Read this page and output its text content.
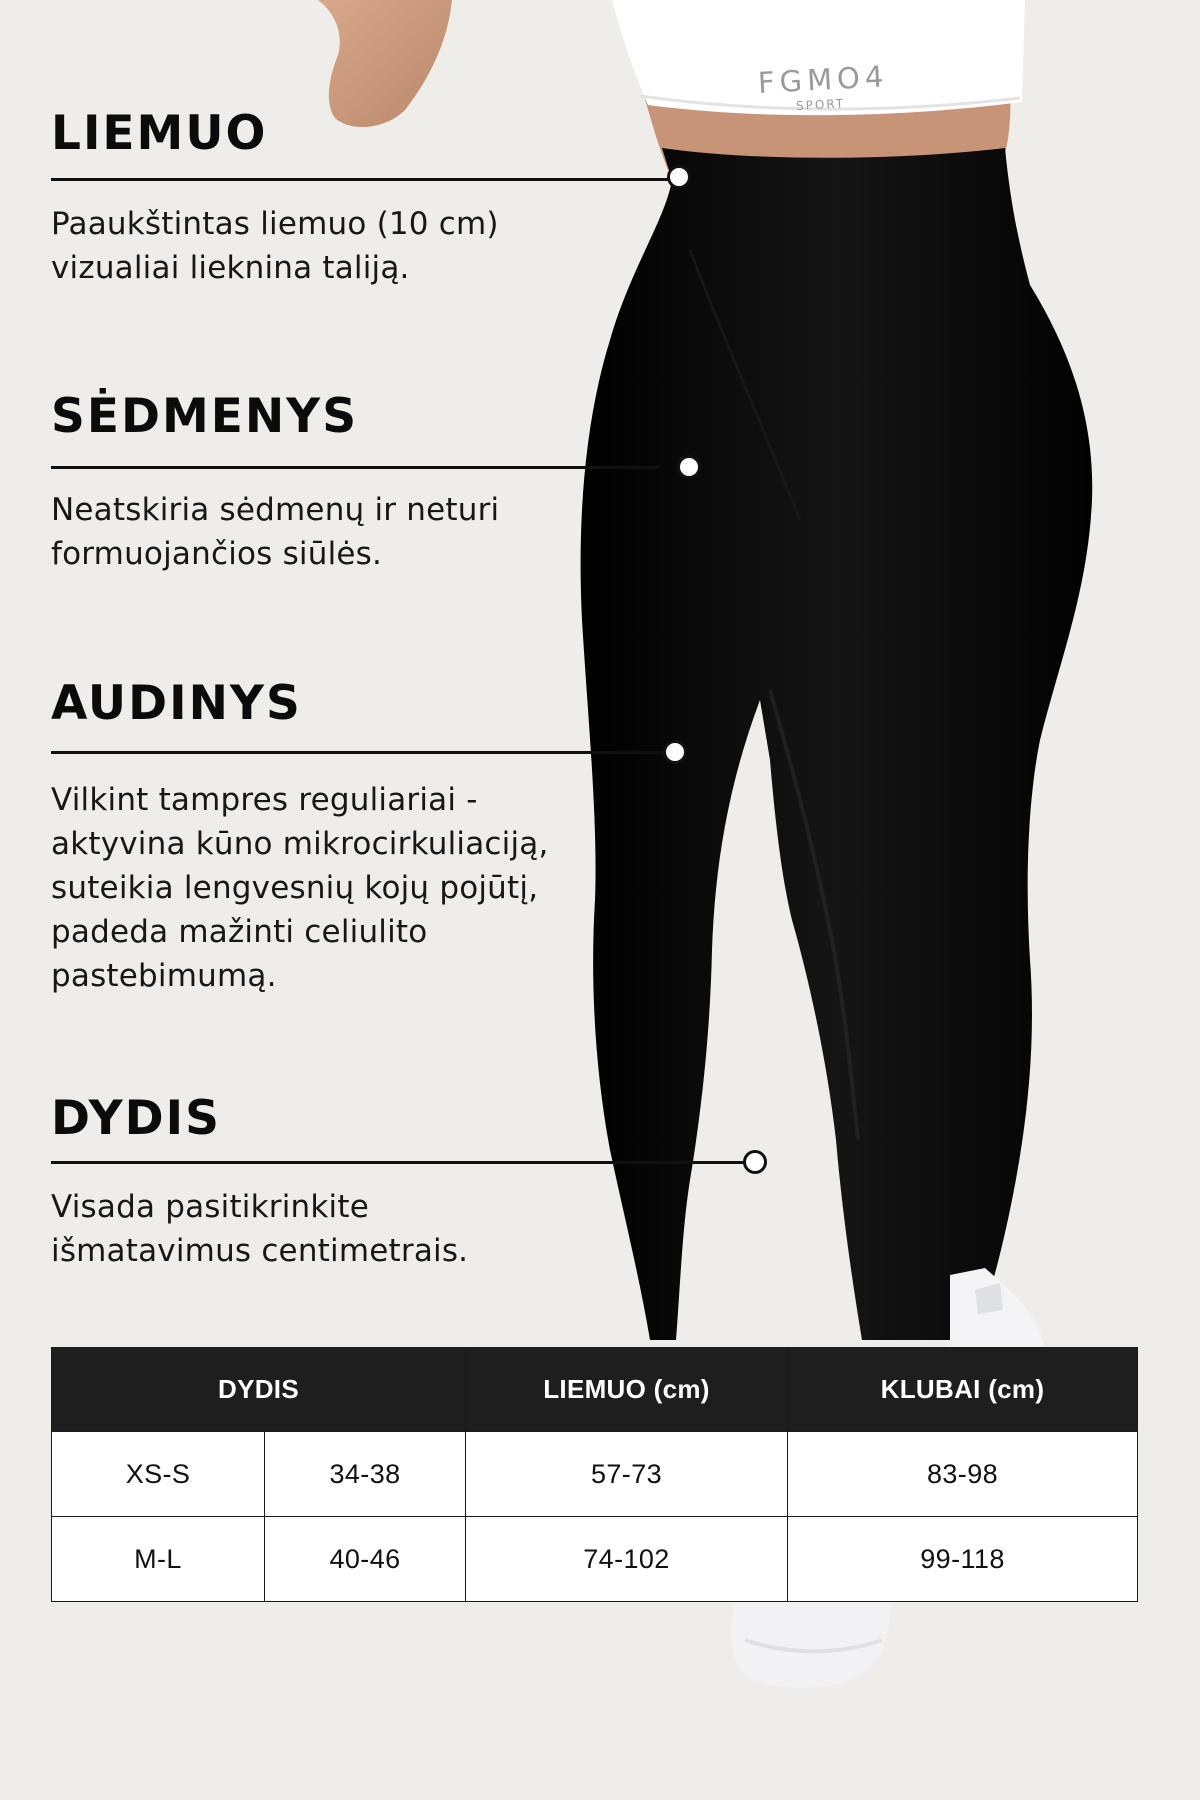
FGMO4
SPORT
LIEMUO

Paaukštintas liemuo (10 cm)
vizualiai lieknina taliją.

SĖDMENYS

Neatskiria sėdmenų ir neturi
formuojančios siūlės.

AUDINYS

Vilkint tampres reguliariai -
aktyvina kūno mikrocirkuliaciją,
suteikia lengvesnių kojų pojūtį,
padeda mažinti celiulito
pastebimumą.

DYDIS

Visada pasitikrinkite
išmatavimus centimetrais.

DYDIS		LIEMUO (cm)	KLUBAI (cm)
XS-S	34-38	57-73	83-98
M-L	40-46	74-102	99-118
